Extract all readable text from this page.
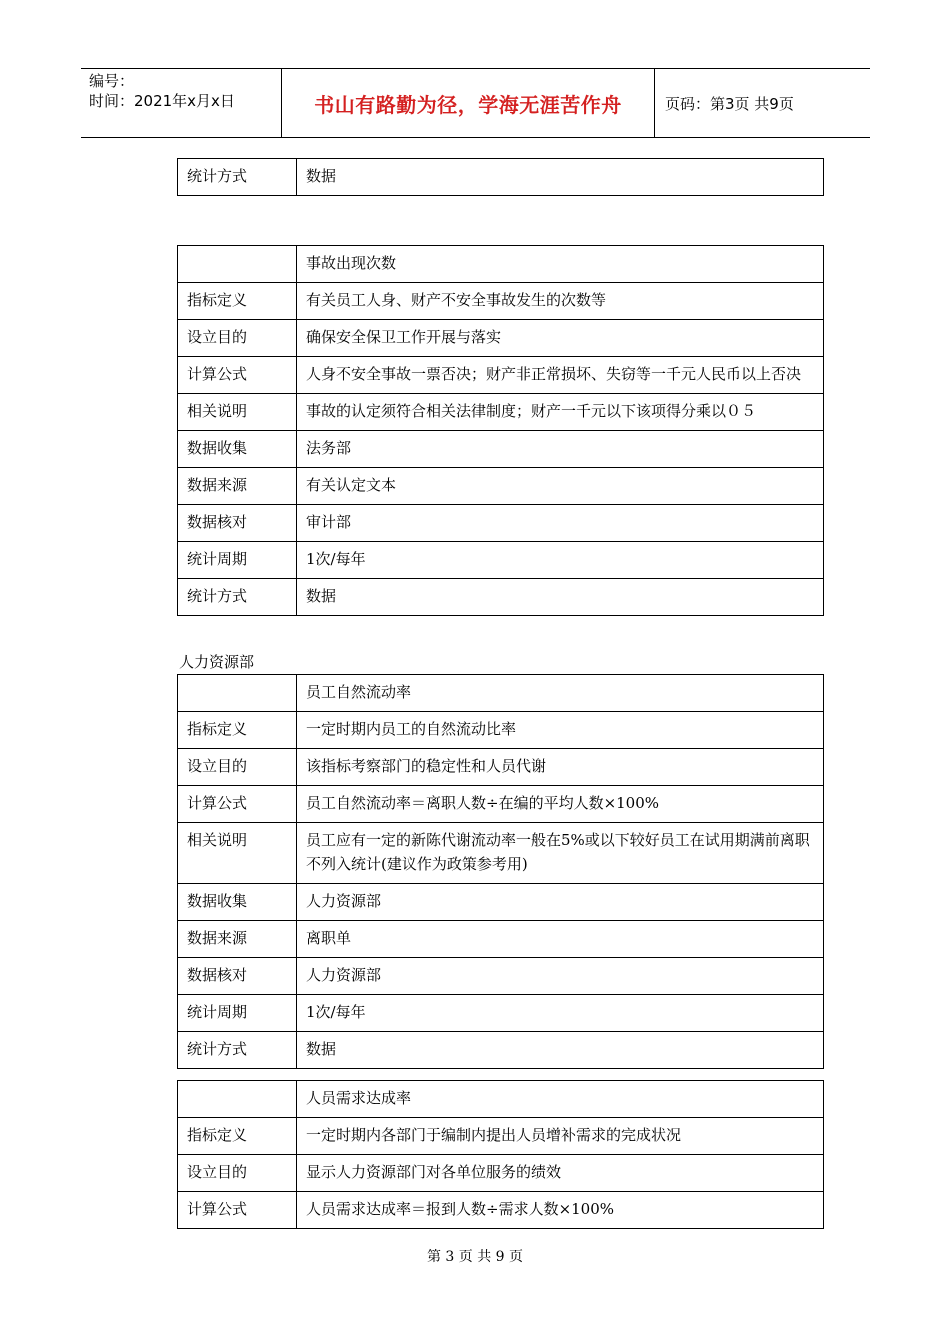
编号：
时间：2021年x月x日	书山有路勤为径，学海无涯苦作舟	页码：第3页 共9页
统计方式	数据
	事故出现次数
指标定义	有关员工人身、财产不安全事故发生的次数等
设立目的	确保安全保卫工作开展与落实
计算公式	人身不安全事故一票否决；财产非正常损坏、失窃等一千元人民币以上否决
相关说明	事故的认定须符合相关法律制度；财产一千元以下该项得分乘以０５
数据收集	法务部
数据来源	有关认定文本
数据核对	审计部
统计周期	1次/每年
统计方式	数据
人力资源部
	员工自然流动率
指标定义	一定时期内员工的自然流动比率
设立目的	该指标考察部门的稳定性和人员代谢
计算公式	员工自然流动率＝离职人数÷在编的平均人数×100%
相关说明	员工应有一定的新陈代谢流动率一般在5%或以下较好员工在试用期满前离职不列入统计(建议作为政策参考用)
数据收集	人力资源部
数据来源	离职单
数据核对	人力资源部
统计周期	1次/每年
统计方式	数据
	人员需求达成率
指标定义	一定时期内各部门于编制内提出人员增补需求的完成状况
设立目的	显示人力资源部门对各单位服务的绩效
计算公式	人员需求达成率＝报到人数÷需求人数×100%
第 3 页 共 9 页
